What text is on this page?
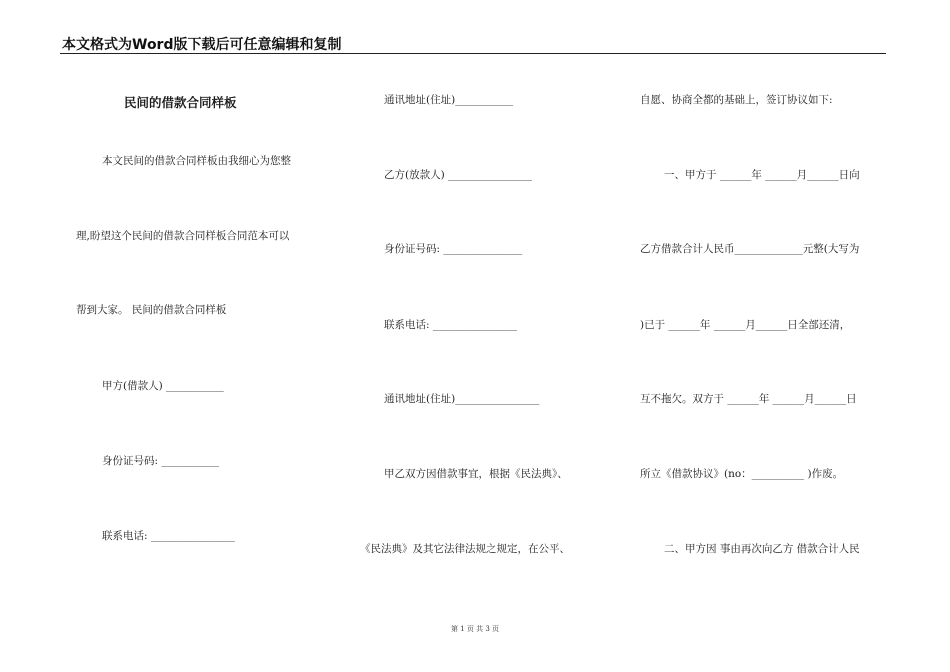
本文格式为Word版下载后可任意编辑和复制
民间的借款合同样板
本文民间的借款合同样板由我细心为您整
理,盼望这个民间的借款合同样板合同范本可以
帮到大家。 民间的借款合同样板
甲方(借款人) ___________
身份证号码: ___________
联系电话: ________________
通讯地址(住址)___________
乙方(放款人) ________________
身份证号码: _______________
联系电话: ________________
通讯地址(住址)________________
甲乙双方因借款事宜，根据《民法典》、
《民法典》及其它法律法规之规定，在公平、
自愿、协商全都的基础上，签订协议如下:
一、甲方于 ______年 ______月______日向
乙方借款合计人民币_____________元整(大写为
)已于 ______年 ______月______日全部还清，
互不拖欠。双方于 ______年 ______月______日
所立《借款协议》(no：__________ )作废。
二、甲方因 事由再次向乙方 借款合计人民
第 1 页 共 3 页
